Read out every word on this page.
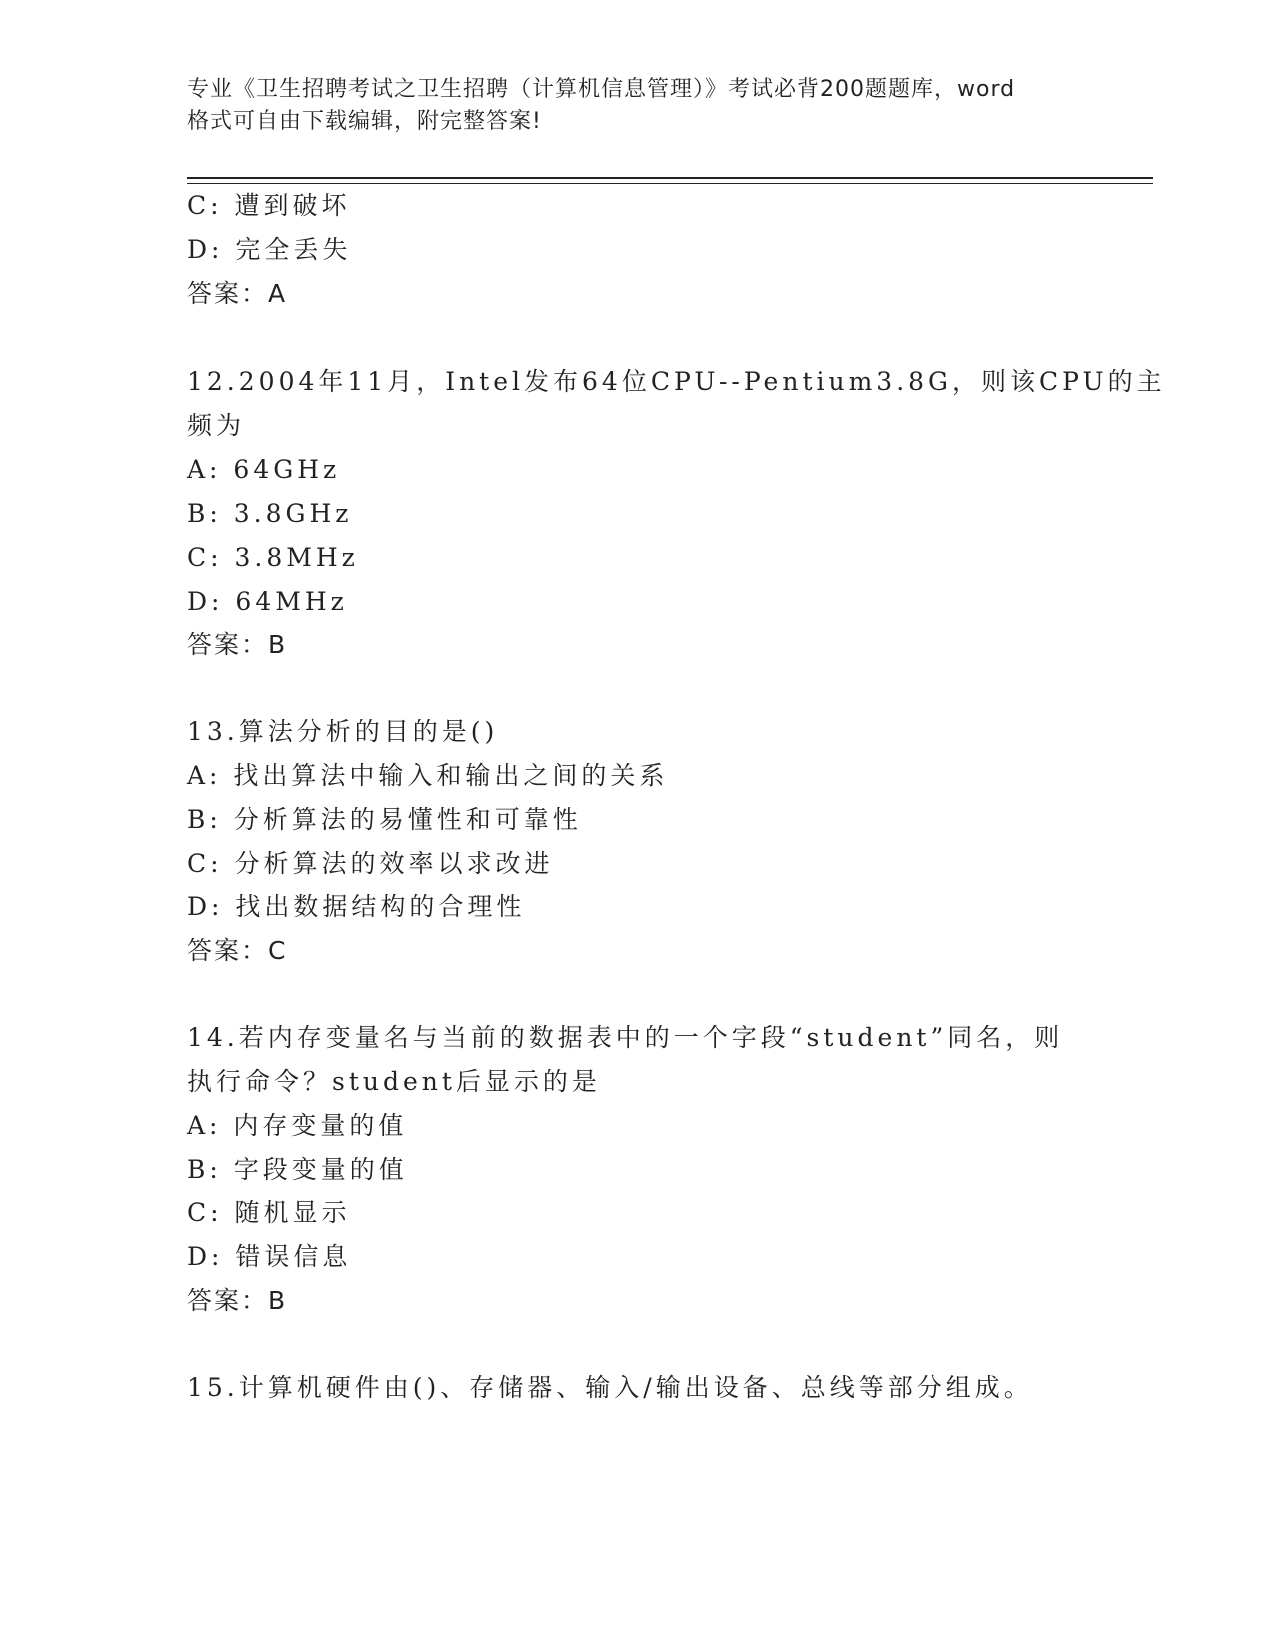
专业《卫生招聘考试之卫生招聘（计算机信息管理）》考试必背200题题库，word
格式可自由下载编辑，附完整答案!
C: 遭到破坏
D: 完全丢失
答案：A
12.2004年11月，Intel发布64位CPU--Pentium3.8G，则该CPU的主
频为
A: 64GHz
B: 3.8GHz
C: 3.8MHz
D: 64MHz
答案：B
13.算法分析的目的是()
A: 找出算法中输入和输出之间的关系
B: 分析算法的易懂性和可靠性
C: 分析算法的效率以求改进
D: 找出数据结构的合理性
答案：C
14.若内存变量名与当前的数据表中的一个字段“student”同名，则
执行命令？student后显示的是
A: 内存变量的值
B: 字段变量的值
C: 随机显示
D: 错误信息
答案：B
15.计算机硬件由()、存储器、输入/输出设备、总线等部分组成。
